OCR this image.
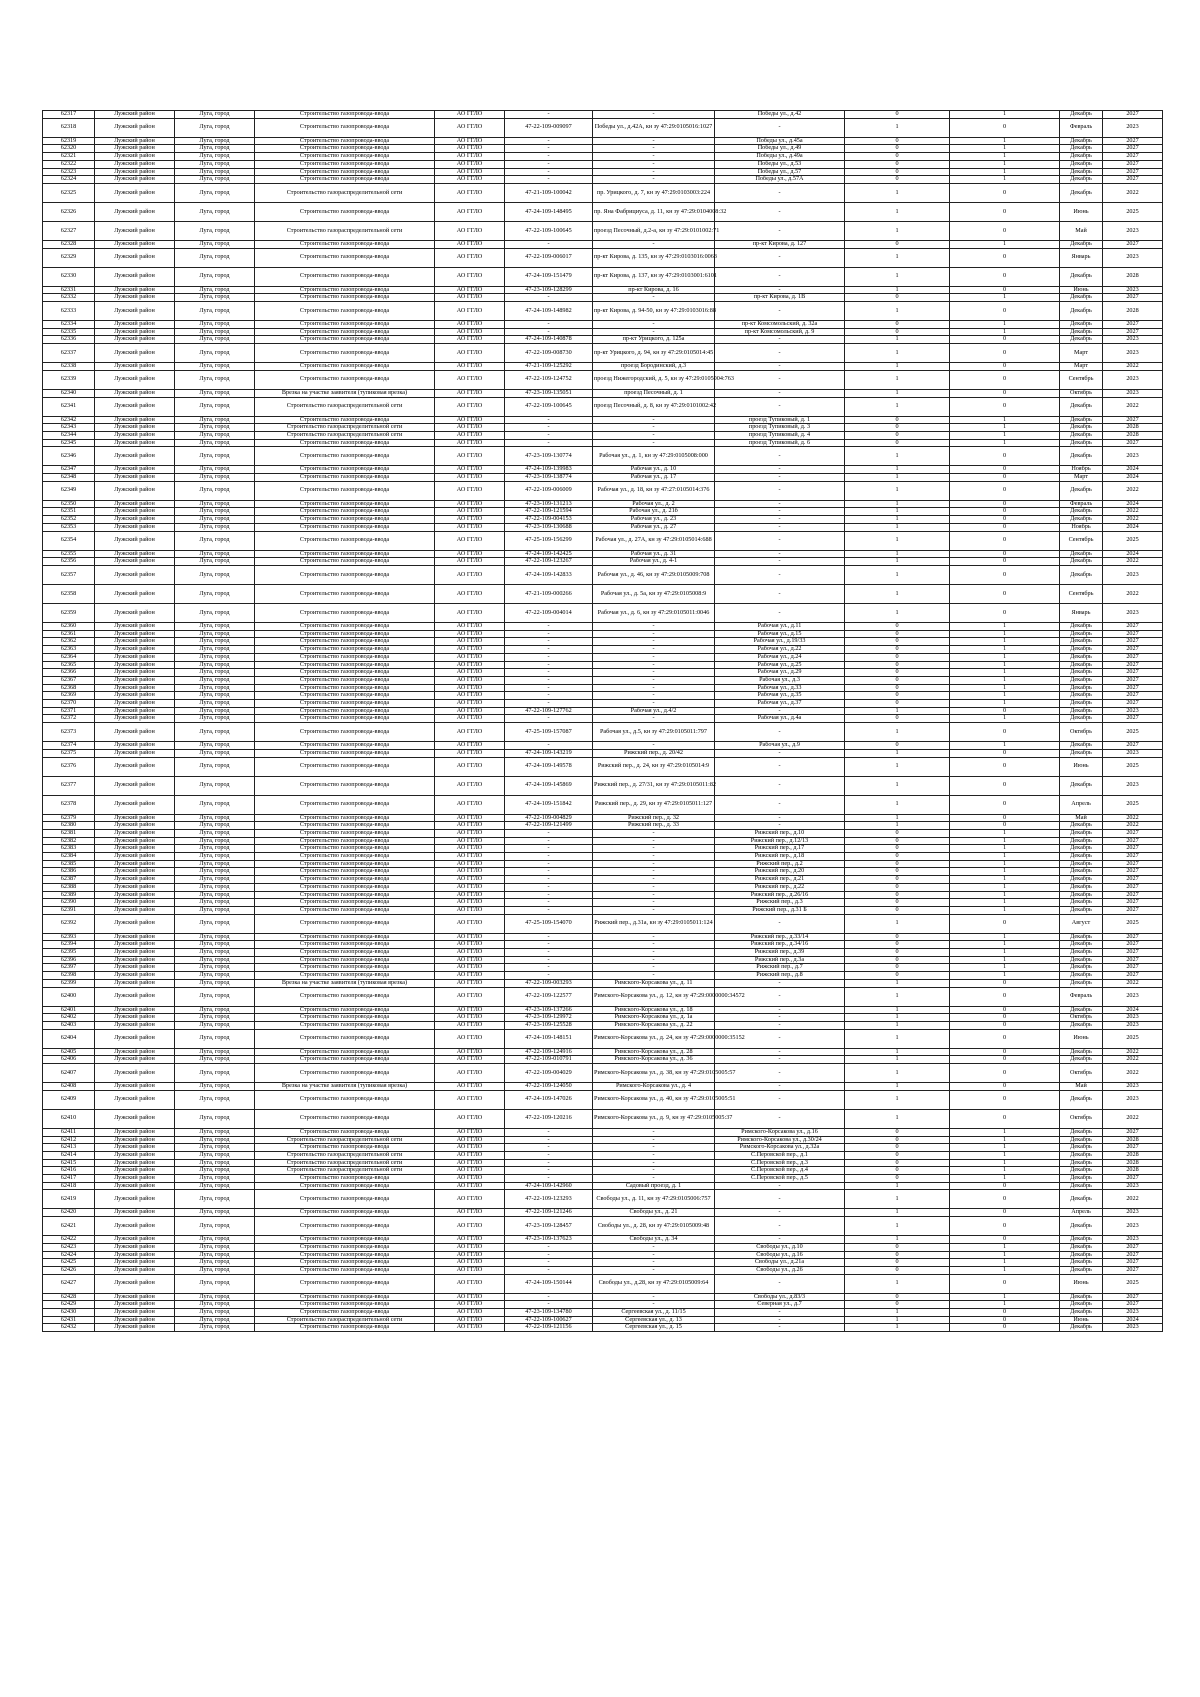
62317	Лужский район	Луга, город	Строительство газопровода-ввода	АО ГГЛО	-	-	Победы ул., д.42	0	1	Декабрь	2027
62318	Лужский район	Луга, город	Строительство газопровода-ввода	АО ГГЛО	47-22-109-009097	Победы ул., д.42А, кн зу 47:29:0105016:1027	-	1	0	Февраль	2023
62319	Лужский район	Луга, город	Строительство газопровода-ввода	АО ГГЛО	-	-	Победы ул., д.45а	0	1	Декабрь	2027
62320	Лужский район	Луга, город	Строительство газопровода-ввода	АО ГГЛО	-	-	Победы ул., д.49	0	1	Декабрь	2027
62321	Лужский район	Луга, город	Строительство газопровода-ввода	АО ГГЛО	-	-	Победы ул., д.49а	0	1	Декабрь	2027
62322	Лужский район	Луга, город	Строительство газопровода-ввода	АО ГГЛО	-	-	Победы ул., д.53	0	1	Декабрь	2027
62323	Лужский район	Луга, город	Строительство газопровода-ввода	АО ГГЛО	-	-	Победы ул., д.57	0	1	Декабрь	2027
62324	Лужский район	Луга, город	Строительство газопровода-ввода	АО ГГЛО	-	-	Победы ул., д.57А	0	1	Декабрь	2027
62325	Лужский район	Луга, город	Строительство газораспределительной сети	АО ГГЛО	47-21-109-100042	пр. Урицкого, д. 7, кн зу 47:29:0103003:224	-	1	0	Декабрь	2022
62326	Лужский район	Луга, город	Строительство газопровода-ввода	АО ГГЛО	47-24-109-148495	пр. Яна Фабрициуса, д. 11, кн зу 47:29:0104008:32	-	1	0	Июнь	2025
62327	Лужский район	Луга, город	Строительство газораспределительной сети	АО ГГЛО	47-22-109-100645	проезд Песочный, д.2-а, кн зу 47:29:0101002:71	-	1	0	Май	2023
62328	Лужский район	Луга, город	Строительство газопровода-ввода	АО ГГЛО	-	-	пр-кт Кирова, д. 127	0	1	Декабрь	2027
62329	Лужский район	Луга, город	Строительство газопровода-ввода	АО ГГЛО	47-22-109-006017	пр-кт Кирова, д. 135, кн зу 47:29:0103016:0063	-	1	0	Январь	2023
62330	Лужский район	Луга, город	Строительство газопровода-ввода	АО ГГЛО	47-24-109-151479	пр-кт Кирова, д. 137, кн зу 47:29:0103001:6101	-	1	0	Декабрь	2028
62331	Лужский район	Луга, город	Строительство газопровода-ввода	АО ГГЛО	47-23-109-128299	пр-кт Кирова, д. 16	-	1	0	Июнь	2023
62332	Лужский район	Луга, город	Строительство газопровода-ввода	АО ГГЛО	-	-	пр-кт Кирова, д. 1В	0	1	Декабрь	2027
62333	Лужский район	Луга, город	Строительство газопровода-ввода	АО ГГЛО	47-24-109-148982	пр-кт Кирова, д. 94-50, кн зу 47:29:0103016:88	-	1	0	Декабрь	2028
62334	Лужский район	Луга, город	Строительство газопровода-ввода	АО ГГЛО	-	-	пр-кт Комсомольский, д. 32а	0	1	Декабрь	2027
62335	Лужский район	Луга, город	Строительство газопровода-ввода	АО ГГЛО	-	-	пр-кт Комсомольский, д. 9	0	1	Декабрь	2027
62336	Лужский район	Луга, город	Строительство газопровода-ввода	АО ГГЛО	47-24-109-140878	пр-кт Урицкого, д. 125а	-	1	0	Декабрь	2023
62337	Лужский район	Луга, город	Строительство газопровода-ввода	АО ГГЛО	47-22-109-008730	пр-кт Урицкого, д. 94, кн зу 47:29:0105014:45	-	1	0	Март	2023
62338	Лужский район	Луга, город	Строительство газопровода-ввода	АО ГГЛО	47-21-109-125292	проезд Бородинский, д.3	-	1	0	Март	2022
62339	Лужский район	Луга, город	Строительство газопровода-ввода	АО ГГЛО	47-22-109-124752	проезд Нижегородский, д. 5, кн зу 47:29:0105004:763	-	1	0	Сентябрь	2023
62340	Лужский район	Луга, город	Врезка на участке заявителя (тупиковая врезка)	АО ГГЛО	47-23-109-135051	проезд Песочный, д. 1	-	1	0	Октябрь	2023
62341	Лужский район	Луга, город	Строительство газораспределительной сети	АО ГГЛО	47-22-109-100645	проезд Песочный, д. 8, кн зу 47:29:0101002:42	-	1	0	Декабрь	2022
62342	Лужский район	Луга, город	Строительство газопровода-ввода	АО ГГЛО	-	-	проезд Тупиковый, д. 1	0	1	Декабрь	2027
62343	Лужский район	Луга, город	Строительство газораспределительной сети	АО ГГЛО	-	-	проезд Тупиковый, д. 3	0	1	Декабрь	2028
62344	Лужский район	Луга, город	Строительство газораспределительной сети	АО ГГЛО	-	-	проезд Тупиковый, д. 4	0	1	Декабрь	2028
62345	Лужский район	Луга, город	Строительство газопровода-ввода	АО ГГЛО	-	-	проезд Тупиковый, д. 6	0	1	Декабрь	2027
62346	Лужский район	Луга, город	Строительство газопровода-ввода	АО ГГЛО	47-23-109-130774	Рабочая ул., д. 1, кн зу 47:29:0105008:000	-	1	0	Декабрь	2023
62347	Лужский район	Луга, город	Строительство газопровода-ввода	АО ГГЛО	47-24-109-139983	Рабочая ул., д. 10	-	1	0	Ноябрь	2024
62348	Лужский район	Луга, город	Строительство газопровода-ввода	АО ГГЛО	47-23-109-138774	Рабочая ул., д. 17	-	1	0	Март	2024
62349	Лужский район	Луга, город	Строительство газопровода-ввода	АО ГГЛО	47-22-109-006009	Рабочая ул., д. 18, кн зу 47:27:0105014:376	-	1	0	Декабрь	2022
62350	Лужский район	Луга, город	Строительство газопровода-ввода	АО ГГЛО	47-23-109-131213	Рабочая ул., д. 2	-	1	0	Февраль	2024
62351	Лужский район	Луга, город	Строительство газопровода-ввода	АО ГГЛО	47-22-109-121594	Рабочая ул., д. 21б	-	1	0	Декабрь	2022
62352	Лужский район	Луга, город	Строительство газопровода-ввода	АО ГГЛО	47-22-109-004153	Рабочая ул., д. 23	-	1	0	Декабрь	2022
62353	Лужский район	Луга, город	Строительство газопровода-ввода	АО ГГЛО	47-23-109-130688	Рабочая ул., д. 27	-	1	0	Ноябрь	2024
62354	Лужский район	Луга, город	Строительство газопровода-ввода	АО ГГЛО	47-25-109-156299	Рабочая ул., д. 27А, кн зу 47:29:0105014:688	-	1	0	Сентябрь	2025
62355	Лужский район	Луга, город	Строительство газопровода-ввода	АО ГГЛО	47-24-109-142425	Рабочая ул., д. 31	-	1	0	Декабрь	2024
62356	Лужский район	Луга, город	Строительство газопровода-ввода	АО ГГЛО	47-22-109-123267	Рабочая ул., д. 4-1	-	1	0	Декабрь	2022
62357	Лужский район	Луга, город	Строительство газопровода-ввода	АО ГГЛО	47-24-109-142833	Рабочая ул., д. 46, кн зу 47:29:0105009:708	-	1	0	Декабрь	2023
62358	Лужский район	Луга, город	Строительство газопровода-ввода	АО ГГЛО	47-21-109-000266	Рабочая ул., д. 5а, кн зу 47:29:0105008:9	-	1	0	Сентябрь	2022
62359	Лужский район	Луга, город	Строительство газопровода-ввода	АО ГГЛО	47-22-109-004014	Рабочая ул., д. 6, кн зу 47:29:0105011:0046	-	1	0	Январь	2023
62360	Лужский район	Луга, город	Строительство газопровода-ввода	АО ГГЛО	-	-	Рабочая ул., д.11	0	1	Декабрь	2027
62361	Лужский район	Луга, город	Строительство газопровода-ввода	АО ГГЛО	-	-	Рабочая ул., д.15	0	1	Декабрь	2027
62362	Лужский район	Луга, город	Строительство газопровода-ввода	АО ГГЛО	-	-	Рабочая ул., д.19/33	0	1	Декабрь	2027
62363	Лужский район	Луга, город	Строительство газопровода-ввода	АО ГГЛО	-	-	Рабочая ул., д.22	0	1	Декабрь	2027
62364	Лужский район	Луга, город	Строительство газопровода-ввода	АО ГГЛО	-	-	Рабочая ул., д.24	0	1	Декабрь	2027
62365	Лужский район	Луга, город	Строительство газопровода-ввода	АО ГГЛО	-	-	Рабочая ул., д.25	0	1	Декабрь	2027
62366	Лужский район	Луга, город	Строительство газопровода-ввода	АО ГГЛО	-	-	Рабочая ул., д.29	0	1	Декабрь	2027
62367	Лужский район	Луга, город	Строительство газопровода-ввода	АО ГГЛО	-	-	Рабочая ул., д.3	0	1	Декабрь	2027
62368	Лужский район	Луга, город	Строительство газопровода-ввода	АО ГГЛО	-	-	Рабочая ул., д.33	0	1	Декабрь	2027
62369	Лужский район	Луга, город	Строительство газопровода-ввода	АО ГГЛО	-	-	Рабочая ул., д.35	0	1	Декабрь	2027
62370	Лужский район	Луга, город	Строительство газопровода-ввода	АО ГГЛО	-	-	Рабочая ул., д.37	0	1	Декабрь	2027
62371	Лужский район	Луга, город	Строительство газопровода-ввода	АО ГГЛО	47-22-109-127762	Рабочая ул., д.4/2	-	1	0	Декабрь	2023
62372	Лужский район	Луга, город	Строительство газопровода-ввода	АО ГГЛО	-	-	Рабочая ул., д.4а	0	1	Декабрь	2027
62373	Лужский район	Луга, город	Строительство газопровода-ввода	АО ГГЛО	47-25-109-157087	Рабочая ул., д.5, кн зу 47:29:0105011:797	-	1	0	Октябрь	2025
62374	Лужский район	Луга, город	Строительство газопровода-ввода	АО ГГЛО	-	-	Рабочая ул., д.9	0	1	Декабрь	2027
62375	Лужский район	Луга, город	Строительство газопровода-ввода	АО ГГЛО	47-24-109-143219	Рижский пер., д. 20/42	-	1	0	Декабрь	2023
62376	Лужский район	Луга, город	Строительство газопровода-ввода	АО ГГЛО	47-24-109-149578	Рижский пер., д. 24, кн зу 47:29:0105014:9	-	1	0	Июнь	2025
62377	Лужский район	Луга, город	Строительство газопровода-ввода	АО ГГЛО	47-24-109-145869	Рижский пер., д. 27/31, кн зу 47:29:0105011:82	-	1	0	Декабрь	2023
62378	Лужский район	Луга, город	Строительство газопровода-ввода	АО ГГЛО	47-24-109-151842	Рижский пер., д. 29, кн зу 47:29:0105011:127	-	1	0	Апрель	2025
62379	Лужский район	Луга, город	Строительство газопровода-ввода	АО ГГЛО	47-22-109-004829	Рижский пер., д. 32	-	1	0	Май	2022
62380	Лужский район	Луга, город	Строительство газопровода-ввода	АО ГГЛО	47-22-109-121499	Рижский пер., д. 33	-	1	0	Декабрь	2022
62381	Лужский район	Луга, город	Строительство газопровода-ввода	АО ГГЛО	-	-	Рижский пер., д.10	0	1	Декабрь	2027
62382	Лужский район	Луга, город	Строительство газопровода-ввода	АО ГГЛО	-	-	Рижский пер., д.12/13	0	1	Декабрь	2027
62383	Лужский район	Луга, город	Строительство газопровода-ввода	АО ГГЛО	-	-	Рижский пер., д.17	0	1	Декабрь	2027
62384	Лужский район	Луга, город	Строительство газопровода-ввода	АО ГГЛО	-	-	Рижский пер., д.18	0	1	Декабрь	2027
62385	Лужский район	Луга, город	Строительство газопровода-ввода	АО ГГЛО	-	-	Рижский пер., д.2	0	1	Декабрь	2027
62386	Лужский район	Луга, город	Строительство газопровода-ввода	АО ГГЛО	-	-	Рижский пер., д.20	0	1	Декабрь	2027
62387	Лужский район	Луга, город	Строительство газопровода-ввода	АО ГГЛО	-	-	Рижский пер., д.21	0	1	Декабрь	2027
62388	Лужский район	Луга, город	Строительство газопровода-ввода	АО ГГЛО	-	-	Рижский пер., д.22	0	1	Декабрь	2027
62389	Лужский район	Луга, город	Строительство газопровода-ввода	АО ГГЛО	-	-	Рижский пер., д.26/16	0	1	Декабрь	2027
62390	Лужский район	Луга, город	Строительство газопровода-ввода	АО ГГЛО	-	-	Рижский пер., д.3	0	1	Декабрь	2027
62391	Лужский район	Луга, город	Строительство газопровода-ввода	АО ГГЛО	-	-	Рижский пер., д.31 Б	0	1	Декабрь	2027
62392	Лужский район	Луга, город	Строительство газопровода-ввода	АО ГГЛО	47-25-109-154070	Рижский пер., д.31а, кн зу 47:29:0105011:124	-	1	0	Август	2025
62393	Лужский район	Луга, город	Строительство газопровода-ввода	АО ГГЛО	-	-	Рижский пер., д.33/14	0	1	Декабрь	2027
62394	Лужский район	Луга, город	Строительство газопровода-ввода	АО ГГЛО	-	-	Рижский пер., д.34/16	0	1	Декабрь	2027
62395	Лужский район	Луга, город	Строительство газопровода-ввода	АО ГГЛО	-	-	Рижский пер., д.39	0	1	Декабрь	2027
62396	Лужский район	Луга, город	Строительство газопровода-ввода	АО ГГЛО	-	-	Рижский пер., д.3а	0	1	Декабрь	2027
62397	Лужский район	Луга, город	Строительство газопровода-ввода	АО ГГЛО	-	-	Рижский пер., д.7	0	1	Декабрь	2027
62398	Лужский район	Луга, город	Строительство газопровода-ввода	АО ГГЛО	-	-	Рижский пер., д.8	0	1	Декабрь	2027
62399	Лужский район	Луга, город	Врезка на участке заявителя (тупиковая врезка)	АО ГГЛО	47-22-109-003293	Римского-Корсакова ул., д. 11	-	1	0	Декабрь	2022
62400	Лужский район	Луга, город	Строительство газопровода-ввода	АО ГГЛО	47-22-109-122577	Римского-Корсакова ул., д. 12, кн зу 47:29:0000000:34572	-	1	0	Февраль	2023
62401	Лужский район	Луга, город	Строительство газопровода-ввода	АО ГГЛО	47-23-109-137266	Римского-Корсакова ул., д. 18	-	1	0	Декабрь	2024
62402	Лужский район	Луга, город	Строительство газопровода-ввода	АО ГГЛО	47-23-109-129972	Римского-Корсакова ул., д. 1а	-	1	0	Октябрь	2023
62403	Лужский район	Луга, город	Строительство газопровода-ввода	АО ГГЛО	47-23-109-125528	Римского-Корсакова ул., д. 22	-	1	0	Декабрь	2023
62404	Лужский район	Луга, город	Строительство газопровода-ввода	АО ГГЛО	47-24-109-148151	Римского-Корсакова ул., д. 24, кн зу 47:29:0000000:35152	-	1	0	Июнь	2025
62405	Лужский район	Луга, город	Строительство газопровода-ввода	АО ГГЛО	47-22-109-124916	Римского-Корсакова ул., д. 28	-	1	0	Декабрь	2022
62406	Лужский район	Луга, город	Строительство газопровода-ввода	АО ГГЛО	47-22-109-010791	Римского-Корсакова ул., д. 36	-	1	0	Декабрь	2022
62407	Лужский район	Луга, город	Строительство газопровода-ввода	АО ГГЛО	47-22-109-004029	Римского-Корсакова ул., д. 38, кн зу 47:29:0105005:57	-	1	0	Октябрь	2022
62408	Лужский район	Луга, город	Врезка на участке заявителя (тупиковая врезка)	АО ГГЛО	47-22-109-124050	Римского-Корсакова ул., д. 4	-	1	0	Май	2023
62409	Лужский район	Луга, город	Строительство газопровода-ввода	АО ГГЛО	47-24-109-147026	Римского-Корсакова ул., д. 40, кн зу 47:29:0105005:51	-	1	0	Декабрь	2023
62410	Лужский район	Луга, город	Строительство газопровода-ввода	АО ГГЛО	47-22-109-120216	Римского-Корсакова ул., д. 9, кн зу 47:29:0105005:37	-	1	0	Октябрь	2022
62411	Лужский район	Луга, город	Строительство газопровода-ввода	АО ГГЛО	-	-	Римского-Корсакова ул., д.16	0	1	Декабрь	2027
62412	Лужский район	Луга, город	Строительство газораспределительной сети	АО ГГЛО	-	-	Римского-Корсакова ул., д.30/24	0	1	Декабрь	2028
62413	Лужский район	Луга, город	Строительство газопровода-ввода	АО ГГЛО	-	-	Римского-Корсакова ул., д.32а	0	1	Декабрь	2027
62414	Лужский район	Луга, город	Строительство газораспределительной сети	АО ГГЛО	-	-	С.Перовской пер., д.1	0	1	Декабрь	2028
62415	Лужский район	Луга, город	Строительство газораспределительной сети	АО ГГЛО	-	-	С.Перовской пер., д.3	0	1	Декабрь	2028
62416	Лужский район	Луга, город	Строительство газораспределительной сети	АО ГГЛО	-	-	С.Перовской пер., д.4	0	1	Декабрь	2028
62417	Лужский район	Луга, город	Строительство газопровода-ввода	АО ГГЛО	-	-	С.Перовской пер., д.5	0	1	Декабрь	2027
62418	Лужский район	Луга, город	Строительство газопровода-ввода	АО ГГЛО	47-24-109-142960	Садовый проезд, д. 1	-	1	0	Декабрь	2023
62419	Лужский район	Луга, город	Строительство газопровода-ввода	АО ГГЛО	47-22-109-123293	Свободы ул., д. 11, кн зу 47:29:0105006:757	-	1	0	Декабрь	2022
62420	Лужский район	Луга, город	Строительство газопровода-ввода	АО ГГЛО	47-22-109-121246	Свободы ул., д. 21	-	1	0	Апрель	2023
62421	Лужский район	Луга, город	Строительство газопровода-ввода	АО ГГЛО	47-23-109-128457	Свободы ул., д. 28, кн зу 47:29:0105009:48	-	1	0	Декабрь	2023
62422	Лужский район	Луга, город	Строительство газопровода-ввода	АО ГГЛО	47-23-109-137623	Свободы ул., д. 34	-	1	0	Декабрь	2023
62423	Лужский район	Луга, город	Строительство газопровода-ввода	АО ГГЛО	-	-	Свободы ул., д.10	0	1	Декабрь	2027
62424	Лужский район	Луга, город	Строительство газопровода-ввода	АО ГГЛО	-	-	Свободы ул., д.16	0	1	Декабрь	2027
62425	Лужский район	Луга, город	Строительство газопровода-ввода	АО ГГЛО	-	-	Свободы ул., д.21а	0	1	Декабрь	2027
62426	Лужский район	Луга, город	Строительство газопровода-ввода	АО ГГЛО	-	-	Свободы ул., д.26	0	1	Декабрь	2027
62427	Лужский район	Луга, город	Строительство газопровода-ввода	АО ГГЛО	47-24-109-150144	Свободы ул., д.28, кн зу 47:29:0105009:64	-	1	0	Июнь	2025
62428	Лужский район	Луга, город	Строительство газопровода-ввода	АО ГГЛО	-	-	Свободы ул., д.83/3	0	1	Декабрь	2027
62429	Лужский район	Луга, город	Строительство газопровода-ввода	АО ГГЛО	-	-	Северная ул., д.7	0	1	Декабрь	2027
62430	Лужский район	Луга, город	Строительство газопровода-ввода	АО ГГЛО	47-23-109-134780	Сергеевская ул., д. 11/15	-	1	0	Декабрь	2023
62431	Лужский район	Луга, город	Строительство газораспределительной сети	АО ГГЛО	47-22-109-100627	Сергеевская ул., д. 13	-	1	0	Июнь	2024
62432	Лужский район	Луга, город	Строительство газопровода-ввода	АО ГГЛО	47-22-109-121156	Сергеевская ул., д. 15	-	1	0	Декабрь	2023
